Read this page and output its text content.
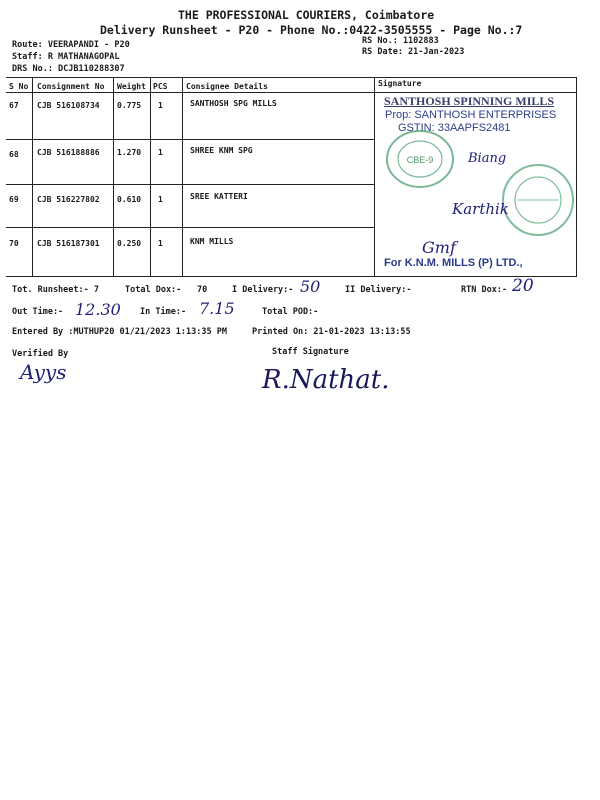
THE PROFESSIONAL COURIERS, Coimbatore
Delivery Runsheet - P20 - Phone No.:0422-3505555 - Page No.:7
Route: VEERAPANDI - P20
Staff: R MATHANAGOPAL
DRS No.: DCJB110288307
RS No.: 1102883
RS Date: 21-Jan-2023
S No Consignment No Weight PCS Consignee Details	Signature
67 CJB 516108734 0.775 1	SANTHOSH SPG MILLS
68 CJB 516188886 1.270 1	SHREE KNM SPG
69 CJB 516227802 0.610 1	SREE KATTERI
70 CJB 516187301 0.250 1	KNM MILLS
SANTHOSH SPINNING MILLS
Prop: SANTHOSH ENTERPRISES
GSTIN: 33AAPFS2481
CBE-9	Biang
Karthik
Gmf
For K.N.M. MILLS (P) LTD.,
Tot. Runsheet:- 7	Total Dox:- 70	I Delivery:- 50	II Delivery:-	RTN Dox:- 20
Out Time:- 12.30 In Time:- 7.15	Total POD:-
Entered By :MUTHUP20 01/21/2023 1:13:35 PM	Printed On: 21-01-2023 13:13:55
Verified By	Staff Signature
Ayys	R.Nathat.
